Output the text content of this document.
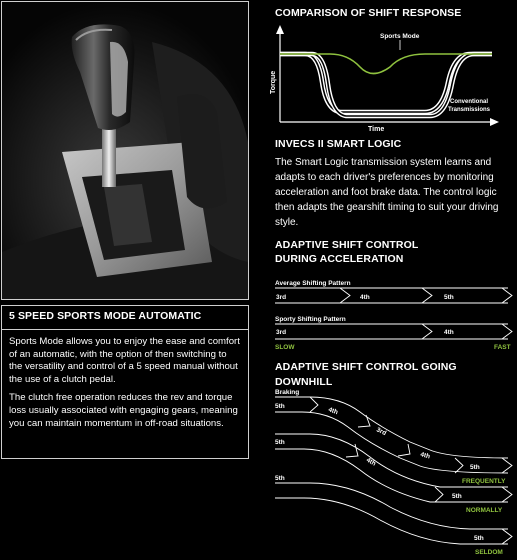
5 SPEED SPORTS MODE AUTOMATIC

Sports Mode allows you to enjoy the ease and comfort of an automatic, with the option of then switching to the versatility and control of a 5 speed manual without the use of a clutch pedal.

The clutch free operation reduces the rev and torque loss usually associated with engaging gears, meaning you can maintain momentum in off-road situations.

COMPARISON OF SHIFT RESPONSE
Sports Mode
Conventional
Transmissions
Torque
Time
INVECS II SMART LOGIC
The Smart Logic transmission system learns and adapts to each driver's preferences by monitoring acceleration and foot brake data. The control logic then adapts the gearshift timing to suit your driving style.
ADAPTIVE SHIFT CONTROL
DURING ACCELERATION
Average Shifting Pattern
3rd	4th	5th
Sporty Shifting Pattern
3rd	4th
SLOW	FAST
ADAPTIVE SHIFT CONTROL GOING DOWNHILL
Braking
5th	4th
3rd
4th
5th
FREQUENTLY
5th
4th
5th
NORMALLY
5th
5th
SELDOM
